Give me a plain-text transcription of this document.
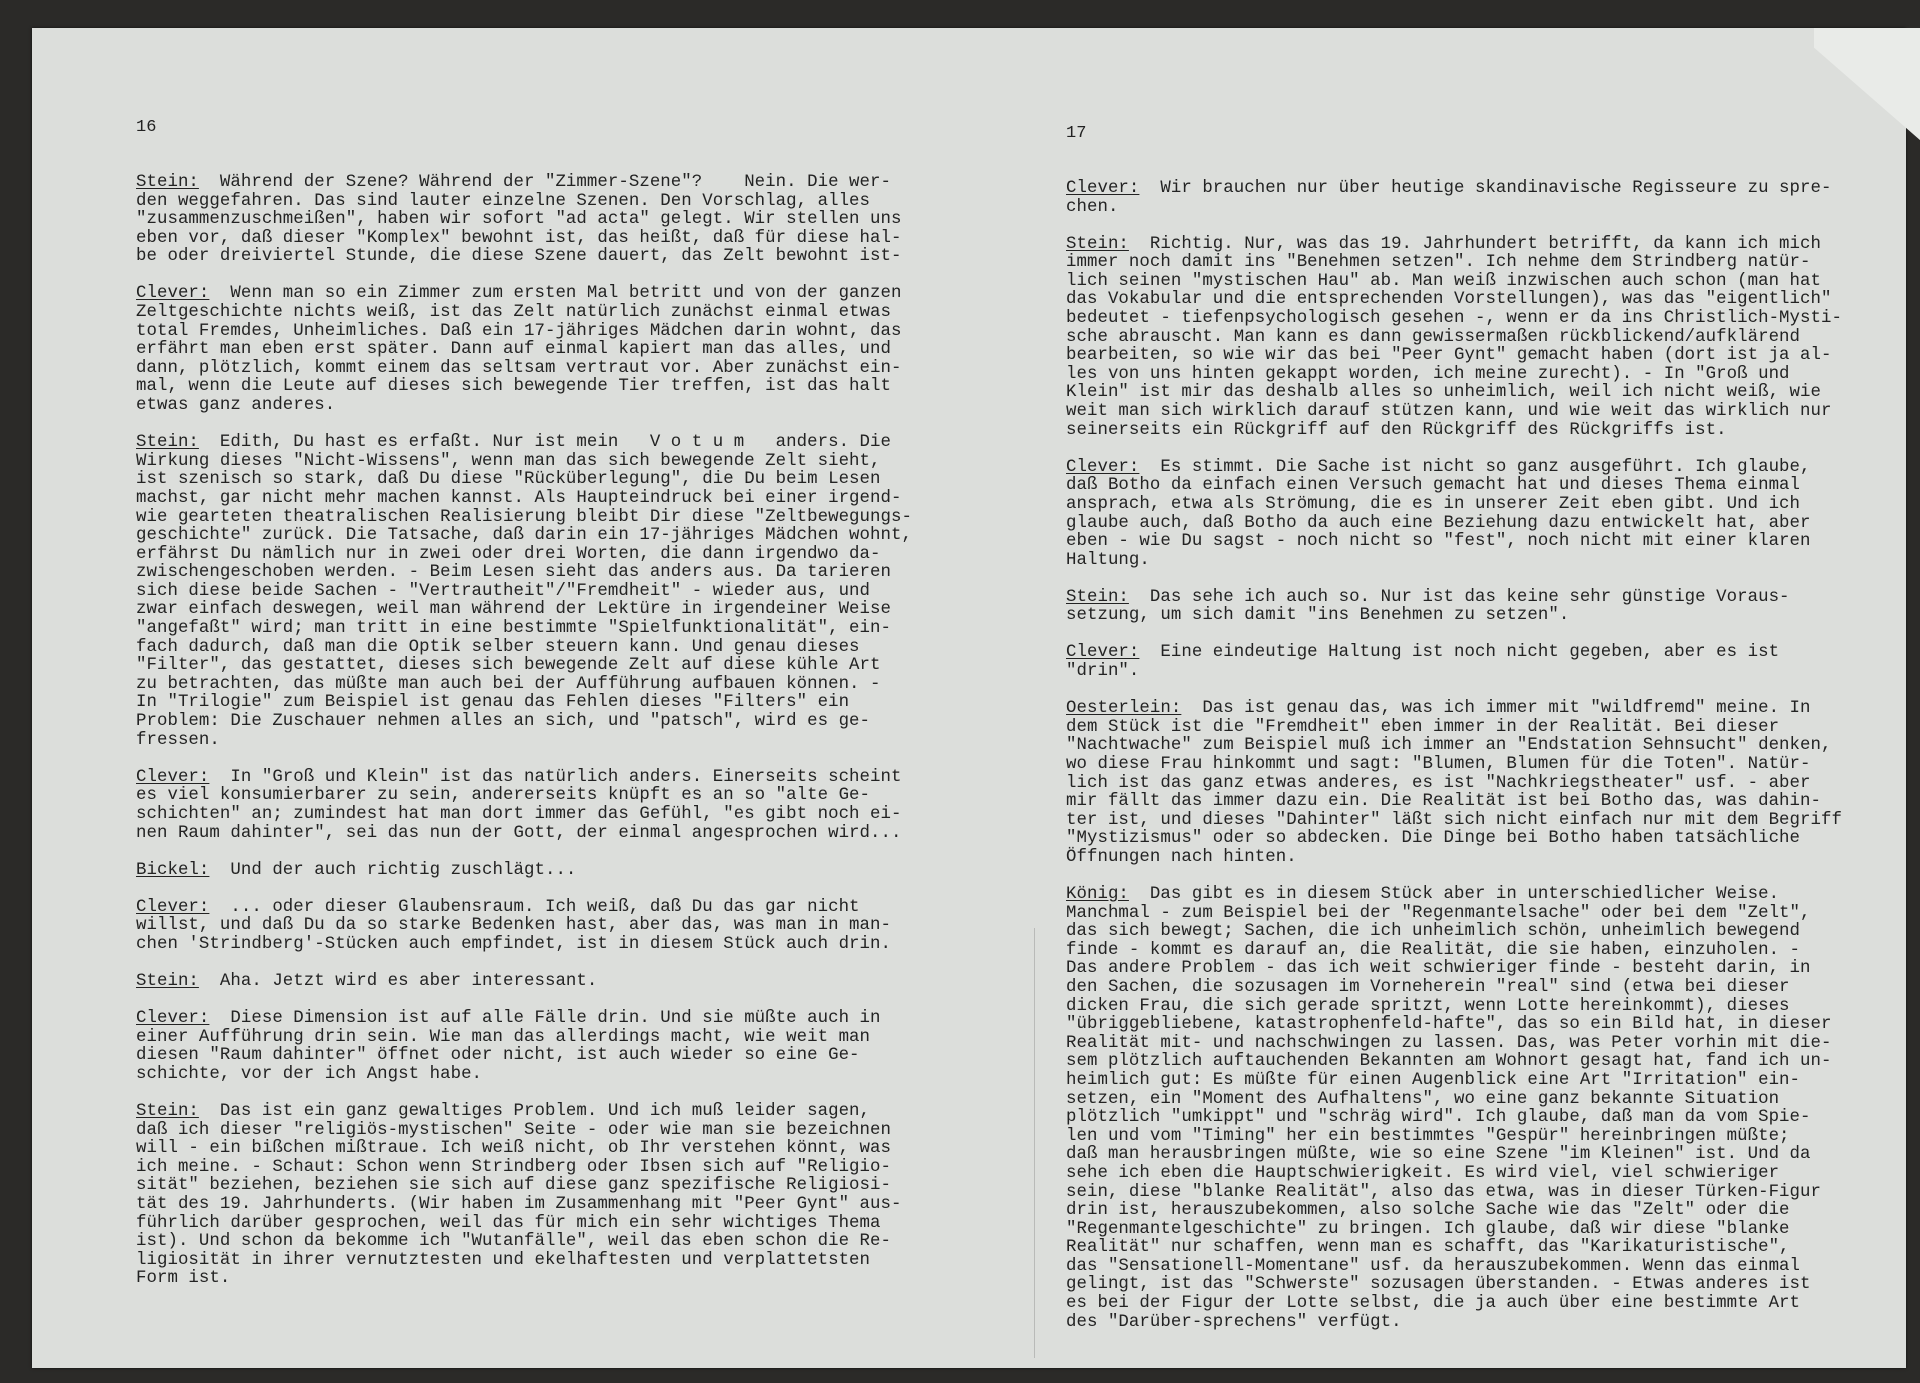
16

Stein:  Während der Szene? Während der "Zimmer-Szene"?    Nein. Die wer-
den weggefahren. Das sind lauter einzelne Szenen. Den Vorschlag, alles
"zusammenzuschmeißen", haben wir sofort "ad acta" gelegt. Wir stellen uns
eben vor, daß dieser "Komplex" bewohnt ist, das heißt, daß für diese hal-
be oder dreiviertel Stunde, die diese Szene dauert, das Zelt bewohnt ist-

Clever:  Wenn man so ein Zimmer zum ersten Mal betritt und von der ganzen
Zeltgeschichte nichts weiß, ist das Zelt natürlich zunächst einmal etwas
total Fremdes, Unheimliches. Daß ein 17-jähriges Mädchen darin wohnt, das
erfährt man eben erst später. Dann auf einmal kapiert man das alles, und
dann, plötzlich, kommt einem das seltsam vertraut vor. Aber zunächst ein-
mal, wenn die Leute auf dieses sich bewegende Tier treffen, ist das halt
etwas ganz anderes.

Stein:  Edith, Du hast es erfaßt. Nur ist mein   V o t u m   anders. Die
Wirkung dieses "Nicht-Wissens", wenn man das sich bewegende Zelt sieht,
ist szenisch so stark, daß Du diese "Rücküberlegung", die Du beim Lesen
machst, gar nicht mehr machen kannst. Als Haupteindruck bei einer irgend-
wie gearteten theatralischen Realisierung bleibt Dir diese "Zeltbewegungs-
geschichte" zurück. Die Tatsache, daß darin ein 17-jähriges Mädchen wohnt,
erfährst Du nämlich nur in zwei oder drei Worten, die dann irgendwo da-
zwischengeschoben werden. - Beim Lesen sieht das anders aus. Da tarieren
sich diese beide Sachen - "Vertrautheit"/"Fremdheit" - wieder aus, und
zwar einfach deswegen, weil man während der Lektüre in irgendeiner Weise
"angefaßt" wird; man tritt in eine bestimmte "Spielfunktionalität", ein-
fach dadurch, daß man die Optik selber steuern kann. Und genau dieses
"Filter", das gestattet, dieses sich bewegende Zelt auf diese kühle Art
zu betrachten, das müßte man auch bei der Aufführung aufbauen können. -
In "Trilogie" zum Beispiel ist genau das Fehlen dieses "Filters" ein
Problem: Die Zuschauer nehmen alles an sich, und "patsch", wird es ge-
fressen.

Clever:  In "Groß und Klein" ist das natürlich anders. Einerseits scheint
es viel konsumierbarer zu sein, andererseits knüpft es an so "alte Ge-
schichten" an; zumindest hat man dort immer das Gefühl, "es gibt noch ei-
nen Raum dahinter", sei das nun der Gott, der einmal angesprochen wird...

Bickel:  Und der auch richtig zuschlägt...

Clever:  ... oder dieser Glaubensraum. Ich weiß, daß Du das gar nicht
willst, und daß Du da so starke Bedenken hast, aber das, was man in man-
chen 'Strindberg'-Stücken auch empfindet, ist in diesem Stück auch drin.

Stein:  Aha. Jetzt wird es aber interessant.

Clever:  Diese Dimension ist auf alle Fälle drin. Und sie müßte auch in
einer Aufführung drin sein. Wie man das allerdings macht, wie weit man
diesen "Raum dahinter" öffnet oder nicht, ist auch wieder so eine Ge-
schichte, vor der ich Angst habe.

Stein:  Das ist ein ganz gewaltiges Problem. Und ich muß leider sagen,
daß ich dieser "religiös-mystischen" Seite - oder wie man sie bezeichnen
will - ein bißchen mißtraue. Ich weiß nicht, ob Ihr verstehen könnt, was
ich meine. - Schaut: Schon wenn Strindberg oder Ibsen sich auf "Religio-
sität" beziehen, beziehen sie sich auf diese ganz spezifische Religiosi-
tät des 19. Jahrhunderts. (Wir haben im Zusammenhang mit "Peer Gynt" aus-
führlich darüber gesprochen, weil das für mich ein sehr wichtiges Thema
ist). Und schon da bekomme ich "Wutanfälle", weil das eben schon die Re-
ligiosität in ihrer vernutztesten und ekelhaftesten und verplattetsten
Form ist.

17

Clever:  Wir brauchen nur über heutige skandinavische Regisseure zu spre-
chen.

Stein:  Richtig. Nur, was das 19. Jahrhundert betrifft, da kann ich mich
immer noch damit ins "Benehmen setzen". Ich nehme dem Strindberg natür-
lich seinen "mystischen Hau" ab. Man weiß inzwischen auch schon (man hat
das Vokabular und die entsprechenden Vorstellungen), was das "eigentlich"
bedeutet - tiefenpsychologisch gesehen -, wenn er da ins Christlich-Mysti-
sche abrauscht. Man kann es dann gewissermaßen rückblickend/aufklärend
bearbeiten, so wie wir das bei "Peer Gynt" gemacht haben (dort ist ja al-
les von uns hinten gekappt worden, ich meine zurecht). - In "Groß und
Klein" ist mir das deshalb alles so unheimlich, weil ich nicht weiß, wie
weit man sich wirklich darauf stützen kann, und wie weit das wirklich nur
seinerseits ein Rückgriff auf den Rückgriff des Rückgriffs ist.

Clever:  Es stimmt. Die Sache ist nicht so ganz ausgeführt. Ich glaube,
daß Botho da einfach einen Versuch gemacht hat und dieses Thema einmal
ansprach, etwa als Strömung, die es in unserer Zeit eben gibt. Und ich
glaube auch, daß Botho da auch eine Beziehung dazu entwickelt hat, aber
eben - wie Du sagst - noch nicht so "fest", noch nicht mit einer klaren
Haltung.

Stein:  Das sehe ich auch so. Nur ist das keine sehr günstige Voraus-
setzung, um sich damit "ins Benehmen zu setzen".

Clever:  Eine eindeutige Haltung ist noch nicht gegeben, aber es ist
"drin".

Oesterlein:  Das ist genau das, was ich immer mit "wildfremd" meine. In
dem Stück ist die "Fremdheit" eben immer in der Realität. Bei dieser
"Nachtwache" zum Beispiel muß ich immer an "Endstation Sehnsucht" denken,
wo diese Frau hinkommt und sagt: "Blumen, Blumen für die Toten". Natür-
lich ist das ganz etwas anderes, es ist "Nachkriegstheater" usf. - aber
mir fällt das immer dazu ein. Die Realität ist bei Botho das, was dahin-
ter ist, und dieses "Dahinter" läßt sich nicht einfach nur mit dem Begriff
"Mystizismus" oder so abdecken. Die Dinge bei Botho haben tatsächliche
Öffnungen nach hinten.

König:  Das gibt es in diesem Stück aber in unterschiedlicher Weise.
Manchmal - zum Beispiel bei der "Regenmantelsache" oder bei dem "Zelt",
das sich bewegt; Sachen, die ich unheimlich schön, unheimlich bewegend
finde - kommt es darauf an, die Realität, die sie haben, einzuholen. -
Das andere Problem - das ich weit schwieriger finde - besteht darin, in
den Sachen, die sozusagen im Vorneherein "real" sind (etwa bei dieser
dicken Frau, die sich gerade spritzt, wenn Lotte hereinkommt), dieses
"übriggebliebene, katastrophenfeld-hafte", das so ein Bild hat, in dieser
Realität mit- und nachschwingen zu lassen. Das, was Peter vorhin mit die-
sem plötzlich auftauchenden Bekannten am Wohnort gesagt hat, fand ich un-
heimlich gut: Es müßte für einen Augenblick eine Art "Irritation" ein-
setzen, ein "Moment des Aufhaltens", wo eine ganz bekannte Situation
plötzlich "umkippt" und "schräg wird". Ich glaube, daß man da vom Spie-
len und vom "Timing" her ein bestimmtes "Gespür" hereinbringen müßte;
daß man herausbringen müßte, wie so eine Szene "im Kleinen" ist. Und da
sehe ich eben die Hauptschwierigkeit. Es wird viel, viel schwieriger
sein, diese "blanke Realität", also das etwa, was in dieser Türken-Figur
drin ist, herauszubekommen, also solche Sache wie das "Zelt" oder die
"Regenmantelgeschichte" zu bringen. Ich glaube, daß wir diese "blanke
Realität" nur schaffen, wenn man es schafft, das "Karikaturistische",
das "Sensationell-Momentane" usf. da herauszubekommen. Wenn das einmal
gelingt, ist das "Schwerste" sozusagen überstanden. - Etwas anderes ist
es bei der Figur der Lotte selbst, die ja auch über eine bestimmte Art
des "Darüber-sprechens" verfügt.
